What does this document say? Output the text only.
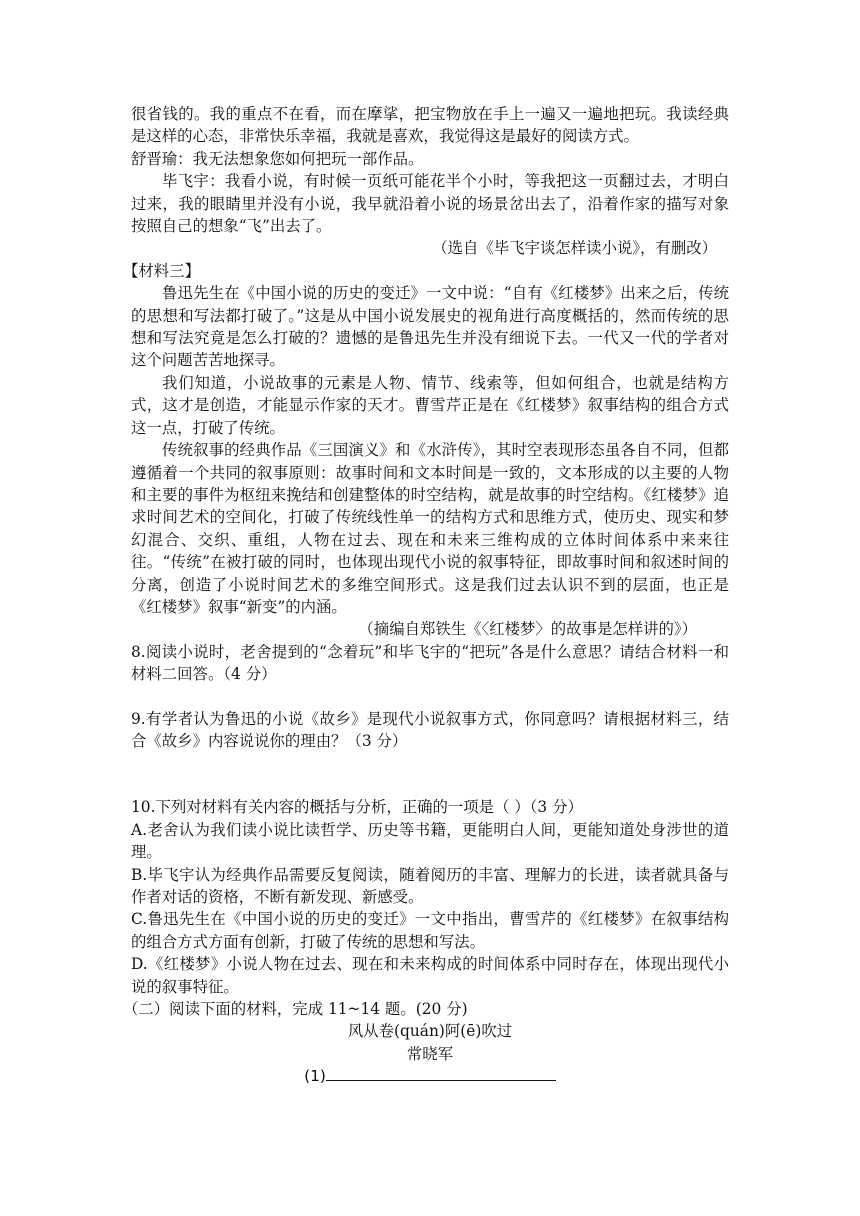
很省钱的。我的重点不在看，而在摩挲，把宝物放在手上一遍又一遍地把玩。我读经典是这样的心态，非常快乐幸福，我就是喜欢，我觉得这是最好的阅读方式。

舒晋瑜：我无法想象您如何把玩一部作品。

毕飞宇：我看小说，有时候一页纸可能花半个小时，等我把这一页翻过去，才明白过来，我的眼睛里并没有小说，我早就沿着小说的场景岔出去了，沿着作家的描写对象按照自己的想象“飞”出去了。

（选自《毕飞宇谈怎样读小说》，有删改）

【材料三】

鲁迅先生在《中国小说的历史的变迁》一文中说：“自有《红楼梦》出来之后，传统的思想和写法都打破了。”这是从中国小说发展史的视角进行高度概括的，然而传统的思想和写法究竟是怎么打破的？遗憾的是鲁迅先生并没有细说下去。一代又一代的学者对这个问题苦苦地探寻。

我们知道，小说故事的元素是人物、情节、线索等，但如何组合，也就是结构方式，这才是创造，才能显示作家的天才。曹雪芹正是在《红楼梦》叙事结构的组合方式这一点，打破了传统。

传统叙事的经典作品《三国演义》和《水浒传》，其时空表现形态虽各自不同，但都遵循着一个共同的叙事原则：故事时间和文本时间是一致的，文本形成的以主要的人物和主要的事件为枢纽来挽结和创建整体的时空结构，就是故事的时空结构。《红楼梦》追求时间艺术的空间化，打破了传统线性单一的结构方式和思维方式，使历史、现实和梦幻混合、交织、重组，人物在过去、现在和未来三维构成的立体时间体系中来来往往。“传统”在被打破的同时，也体现出现代小说的叙事特征，即故事时间和叙述时间的分离，创造了小说时间艺术的多维空间形式。这是我们过去认识不到的层面，也正是《红楼梦》叙事“新变”的内涵。

（摘编自郑铁生《〈红楼梦〉的故事是怎样讲的》）

8.阅读小说时，老舍提到的“念着玩”和毕飞宇的“把玩”各是什么意思？请结合材料一和材料二回答。（4 分）

9.有学者认为鲁迅的小说《故乡》是现代小说叙事方式，你同意吗？请根据材料三，结合《故乡》内容说说你的理由？（3 分）

10.下列对材料有关内容的概括与分析，正确的一项是（ ）（3 分）

A.老舍认为我们读小说比读哲学、历史等书籍，更能明白人间，更能知道处身涉世的道理。

B.毕飞宇认为经典作品需要反复阅读，随着阅历的丰富、理解力的长进，读者就具备与作者对话的资格，不断有新发现、新感受。

C.鲁迅先生在《中国小说的历史的变迁》一文中指出，曹雪芹的《红楼梦》在叙事结构的组合方式方面有创新，打破了传统的思想和写法。

D.《红楼梦》小说人物在过去、现在和未来构成的时间体系中同时存在，体现出现代小说的叙事特征。

（二）阅读下面的材料，完成 11~14 题。(20 分)

风从卷(quán)阿(ē)吹过

常晓军

(1)
